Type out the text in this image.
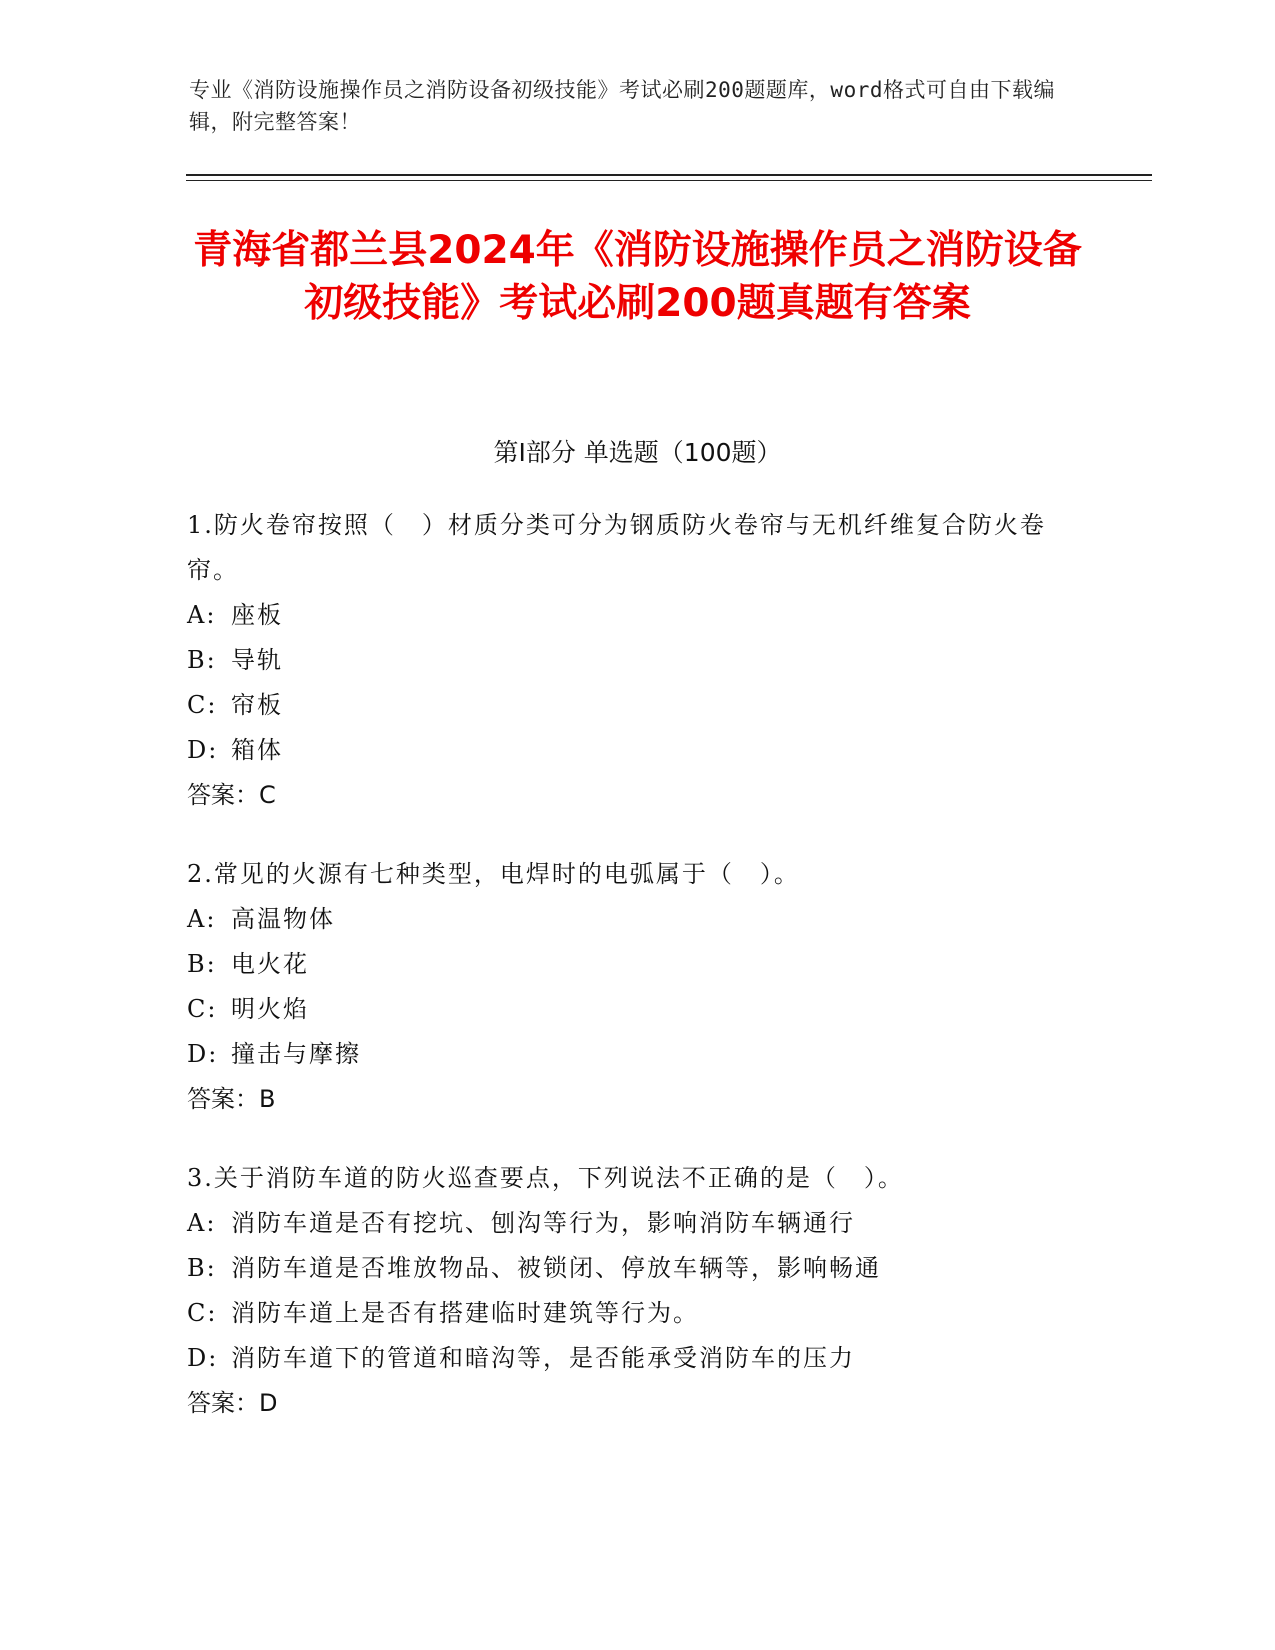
专业《消防设施操作员之消防设备初级技能》考试必刷200题题库，word格式可自由下载编辑，附完整答案！
青海省都兰县2024年《消防设施操作员之消防设备初级技能》考试必刷200题真题有答案
第Ⅰ部分 单选题（100题）
1.防火卷帘按照（　）材质分类可分为钢质防火卷帘与无机纤维复合防火卷帘。
A: 座板
B: 导轨
C: 帘板
D: 箱体
答案：C
2.常见的火源有七种类型，电焊时的电弧属于（　）。
A: 高温物体
B: 电火花
C: 明火焰
D: 撞击与摩擦
答案：B
3.关于消防车道的防火巡查要点，下列说法不正确的是（　）。
A: 消防车道是否有挖坑、刨沟等行为，影响消防车辆通行
B: 消防车道是否堆放物品、被锁闭、停放车辆等，影响畅通
C: 消防车道上是否有搭建临时建筑等行为。
D: 消防车道下的管道和暗沟等，是否能承受消防车的压力
答案：D
